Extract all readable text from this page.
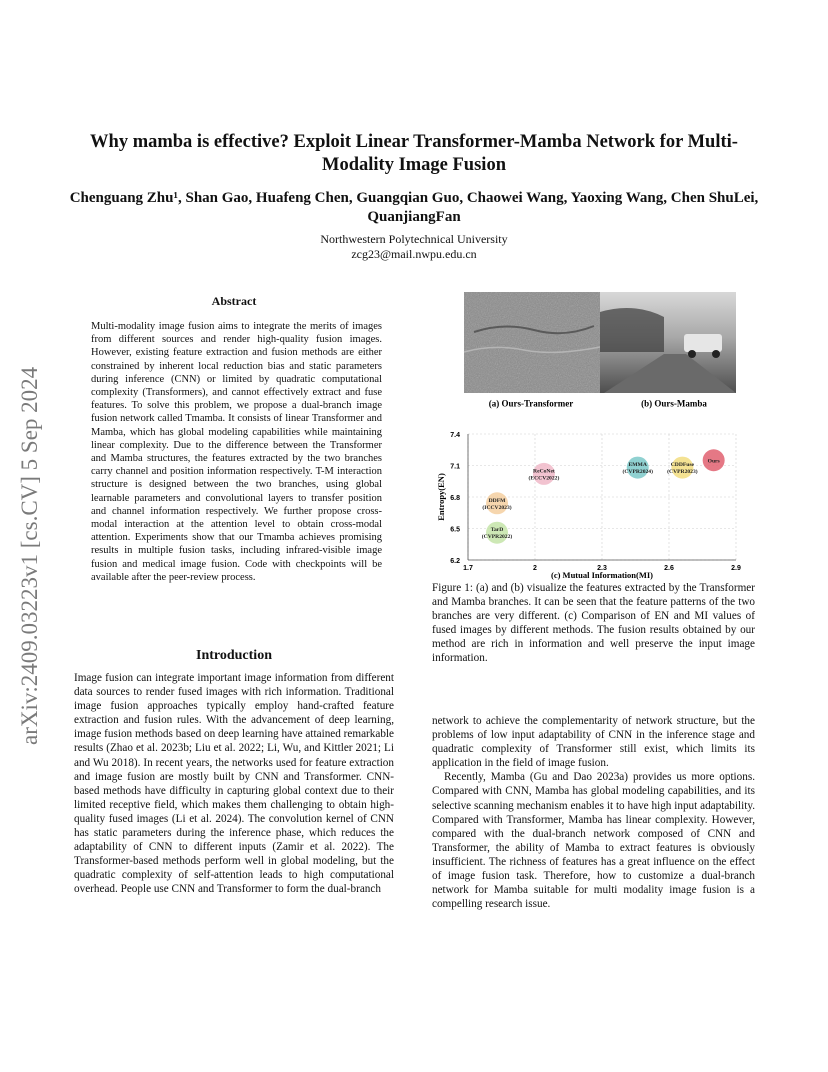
Why mamba is effective? Exploit Linear Transformer-Mamba Network for Multi-Modality Image Fusion
Chenguang Zhu¹, Shan Gao, Huafeng Chen, Guangqian Guo, Chaowei Wang, Yaoxing Wang, Chen ShuLei, QuanjiangFan
Northwestern Polytechnical University
zcg23@mail.nwpu.edu.cn
arXiv:2409.03223v1 [cs.CV] 5 Sep 2024
Abstract
Multi-modality image fusion aims to integrate the merits of images from different sources and render high-quality fusion images. However, existing feature extraction and fusion methods are either constrained by inherent local reduction bias and static parameters during inference (CNN) or limited by quadratic computational complexity (Transformers), and cannot effectively extract and fuse features. To solve this problem, we propose a dual-branch image fusion network called Tmamba. It consists of linear Transformer and Mamba, which has global modeling capabilities while maintaining linear complexity. Due to the difference between the Transformer and Mamba structures, the features extracted by the two branches carry channel and position information respectively. T-M interaction structure is designed between the two branches, using global learnable parameters and convolutional layers to transfer position and channel information respectively. We further propose cross-modal interaction at the attention level to obtain cross-modal attention. Experiments show that our Tmamba achieves promising results in multiple fusion tasks, including infrared-visible image fusion and medical image fusion. Code with checkpoints will be available after the peer-review process.
Introduction
Image fusion can integrate important image information from different data sources to render fused images with rich information. Traditional image fusion approaches typically employ hand-crafted feature extraction and fusion rules. With the advancement of deep learning, image fusion methods based on deep learning have attained remarkable results (Zhao et al. 2023b; Liu et al. 2022; Li, Wu, and Kittler 2021; Li and Wu 2018). In recent years, the networks used for feature extraction and image fusion are mostly built by CNN and Transformer. CNN-based methods have difficulty in capturing global context due to their limited receptive field, which makes them challenging to obtain high-quality fused images (Li et al. 2024). The convolution kernel of CNN has static parameters during the inference phase, which reduces the adaptability of CNN to different inputs (Zamir et al. 2022). The Transformer-based methods perform well in global modeling, but the quadratic complexity of self-attention leads to high computational overhead. People use CNN and Transformer to form the dual-branch
(a) Ours-Transformer	(b) Ours-Mamba
6.2
6.5
6.8
7.1
7.4
1.7	2	2.3	2.6	2.9
(c) Mutual Information(MI)
Entropy(EN)
Ours
CDDFuse
(CVPR2023)
EMMA
(CVPR2024)
ReCoNet
(ECCV2022)
DDFM
(ICCV2023)
TarD
(CVPR2022)
Figure 1: (a) and (b) visualize the features extracted by the Transformer and Mamba branches. It can be seen that the feature patterns of the two branches are very different. (c) Comparison of EN and MI values of fused images by different methods. The fusion results obtained by our method are rich in information and well preserve the input image information.

network to achieve the complementarity of network structure, but the problems of low input adaptability of CNN in the inference stage and quadratic complexity of Transformer still exist, which limits its application in the field of image fusion.

Recently, Mamba (Gu and Dao 2023a) provides us more options. Compared with CNN, Mamba has global modeling capabilities, and its selective scanning mechanism enables it to have high input adaptability. Compared with Transformer, Mamba has linear complexity. However, compared with the dual-branch network composed of CNN and Transformer, the ability of Mamba to extract features is obviously insufficient. The richness of features has a great influence on the effect of image fusion task. Therefore, how to customize a dual-branch network for Mamba suitable for multi modality image fusion is a compelling research issue.
